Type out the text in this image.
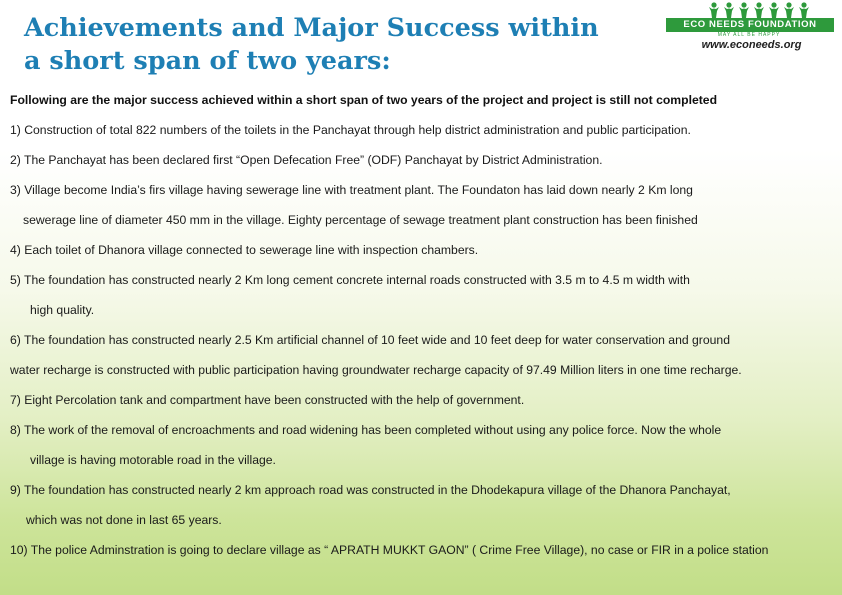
Achievements and Major Success within
a short span of two years:
ECO NEEDS FOUNDATION
MAY ALL BE HAPPY
www.econeeds.org

Following are the major success achieved within a short span of two years of the project and project is still not completed

1) Construction of total 822 numbers of the toilets in the Panchayat through help district administration and public participation.

2) The Panchayat has been declared first “Open Defecation Free” (ODF) Panchayat by District Administration.

3) Village become India’s firs village having sewerage line with treatment plant. The Foundaton has laid down nearly 2 Km long

sewerage line of diameter 450 mm in the village. Eighty percentage of sewage treatment plant construction has been finished

4) Each toilet of Dhanora village connected to sewerage line with inspection chambers.

5) The foundation has constructed nearly 2 Km long cement concrete internal roads constructed with 3.5 m to 4.5 m width with

high quality.

6) The foundation has constructed nearly 2.5 Km artificial channel of 10 feet wide and 10 feet deep for water conservation and ground

water recharge is constructed with public participation having groundwater recharge capacity of 97.49 Million liters in one time recharge.

7) Eight Percolation tank and compartment have been constructed with the help of government.

8) The work of the removal of encroachments and road widening has been completed without using any police force. Now the whole

village is having motorable road in the village.

9) The foundation has constructed nearly 2 km approach road was constructed in the Dhodekapura village of the Dhanora Panchayat,

which was not done in last 65 years.

10) The police Adminstration is going to declare village as “ APRATH MUKKT GAON” ( Crime Free Village), no case or FIR in a police station
